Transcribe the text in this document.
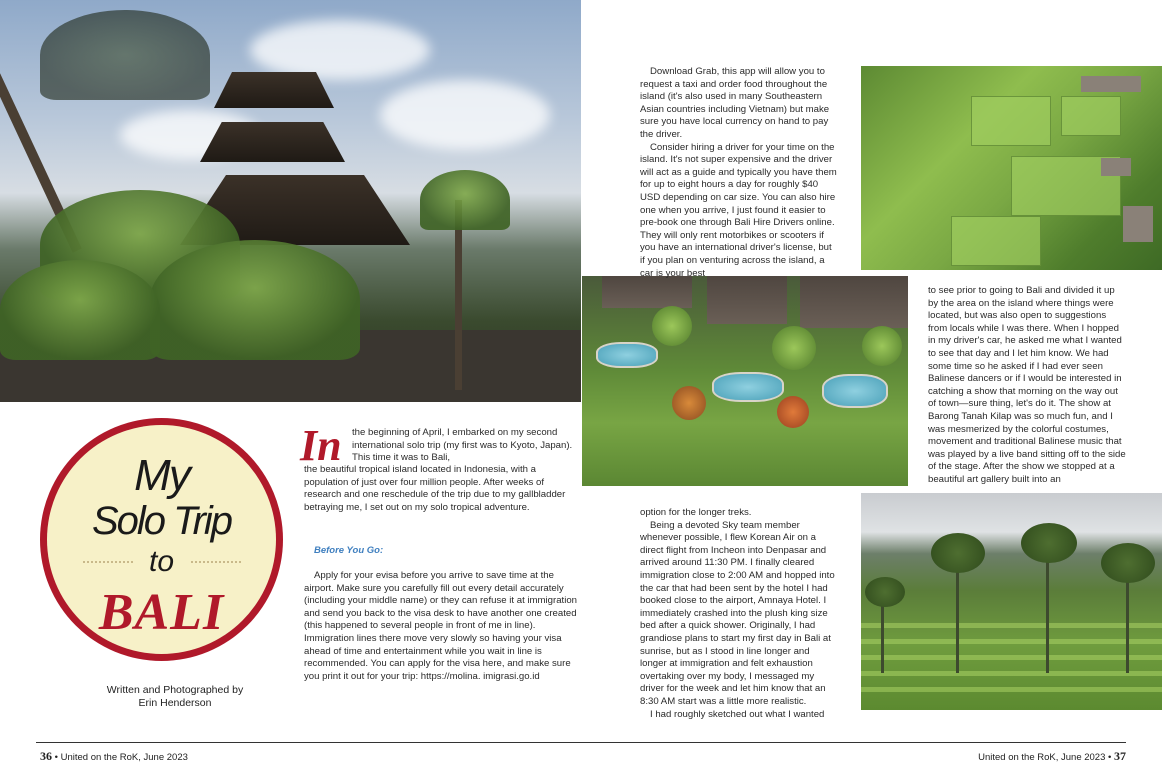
My
Solo Trip
to
BALI
Written and Photographed by
Erin Henderson
In the beginning of April, I embarked on my second international solo trip (my first was to Kyoto, Japan). This time it was to Bali,

the beautiful tropical island located in Indonesia, with a population of just over four million people. After weeks of research and one reschedule of the trip due to my gallbladder betraying me, I set out on my solo tropical adventure.

Before You Go:

Apply for your evisa before you arrive to save time at the airport. Make sure you carefully fill out every detail accurately (including your middle name) or they can refuse it at immigration and send you back to the visa desk to have another one created (this happened to several people in front of me in line). Immigration lines there move very slowly so having your visa ahead of time and entertainment while you wait in line is recommended. You can apply for the visa here, and make sure you print it out for your trip: https://molina. imigrasi.go.id

Download Grab, this app will allow you to request a taxi and order food throughout the island (it's also used in many Southeastern Asian countries including Vietnam) but make sure you have local currency on hand to pay the driver.

Consider hiring a driver for your time on the island. It's not super expensive and the driver will act as a guide and typically you have them for up to eight hours a day for roughly $40 USD depending on car size. You can also hire one when you arrive, I just found it easier to pre-book one through Bali Hire Drivers online. They will only rent motorbikes or scooters if you have an international driver's license, but if you plan on venturing across the island, a car is your best

to see prior to going to Bali and divided it up by the area on the island where things were located, but was also open to suggestions from locals while I was there. When I hopped in my driver's car, he asked me what I wanted to see that day and I let him know. We had some time so he asked if I had ever seen Balinese dancers or if I would be interested in catching a show that morning on the way out of town—sure thing, let's do it. The show at Barong Tanah Kilap was so much fun, and I was mesmerized by the colorful costumes, movement and traditional Balinese music that was played by a live band sitting off to the side of the stage. After the show we stopped at a beautiful art gallery built into an

option for the longer treks.

Being a devoted Sky team member whenever possible, I flew Korean Air on a direct flight from Incheon into Denpasar and arrived around 11:30 PM. I finally cleared immigration close to 2:00 AM and hopped into the car that had been sent by the hotel I had booked close to the airport, Amnaya Hotel. I immediately crashed into the plush king size bed after a quick shower. Originally, I had grandiose plans to start my first day in Bali at sunrise, but as I stood in line longer and longer at immigration and felt exhaustion overtaking over my body, I messaged my driver for the week and let him know that an 8:30 AM start was a little more realistic.

I had roughly sketched out what I wanted

36 • United on the RoK, June 2023	United on the RoK, June 2023 • 37
